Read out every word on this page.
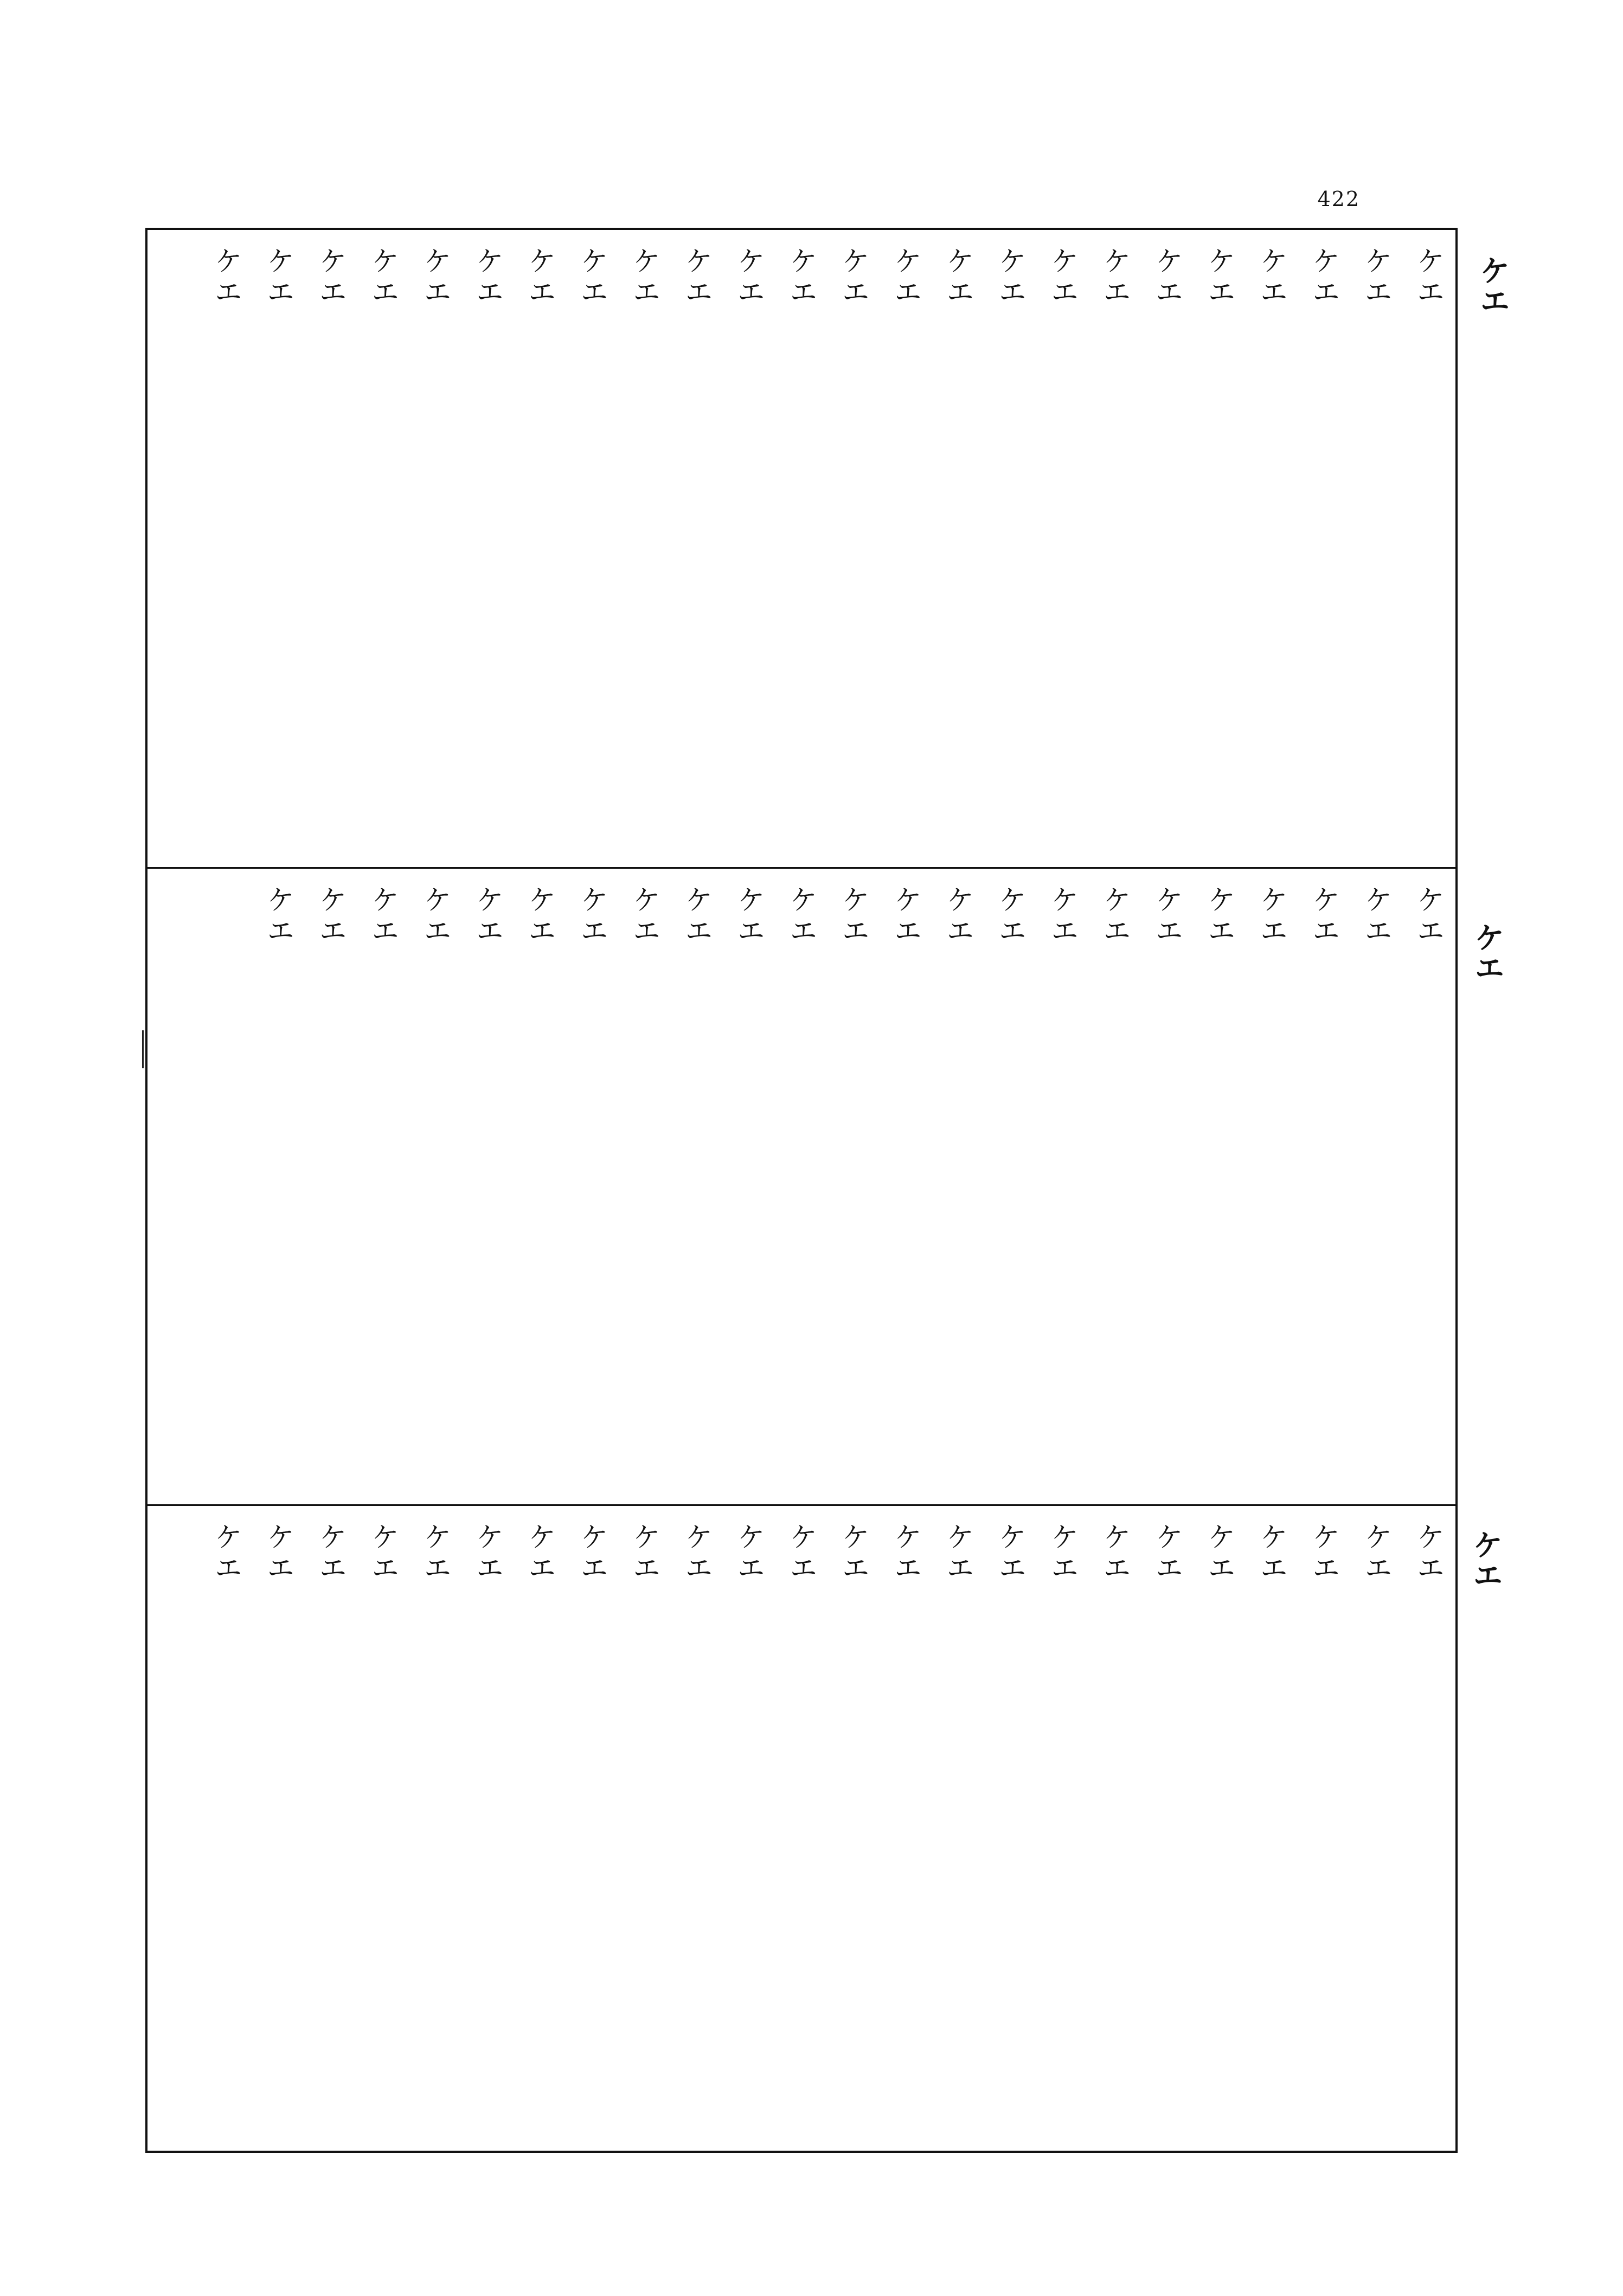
422
ケエ
ケエ
ケエ
ケエ
ケエ
ケエ
ケエ
ケエ
ケエ
ケエ
ケエ
ケエ
ケエ
ケエ
ケエ
ケエ
ケエ
ケエ
ケエ
ケエ
ケエ
ケエ
ケエ
ケエ
ケエ
ケエ
ケエ
ケエ
ケエ
ケエ
ケエ
ケエ
ケエ
ケエ
ケエ
ケエ
ケエ
ケエ
ケエ
ケエ
ケエ
ケエ
ケエ
ケエ
ケエ
ケエ
ケエ
ケエ
ケエ
ケエ
ケエ
ケエ
ケエ
ケエ
ケエ
ケエ
ケエ
ケエ
ケエ
ケエ
ケエ
ケエ
ケエ
ケエ
ケエ
ケエ
ケエ
ケエ
ケエ
ケエ
ケエ
ケエ
ケエ
ケエ
